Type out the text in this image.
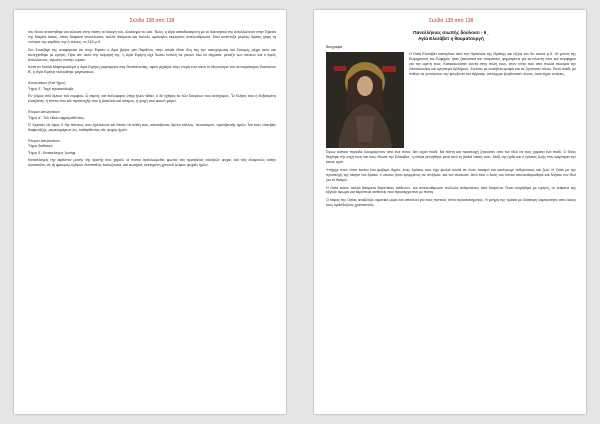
Σελίδα 138 από 138

του Θεού αναστήθηκε και είλκυσε στην πίστη το διαυγή του, ολόκληρο το λαό. Τέλος, η Αγία καταδικασμένη με το διανοητικό της Απολλώνειον στην Έφεσο της Μικράς Ασίας, όπου διάφανα επενέλυσεις πολλά θαύματα και πολλές ομολογίες εκκλησίες απελευθέρωσε. Εκεί αναπτύξε μεγάλη δράση χάρη τη νεότητα της καρδιάς της ή τέλους, το 315 μ.Χ.

Στο Συναξάρι της αναφέρεται ότι στην Έφεσο η Αγία βρήκε μια Παρθένο, στην οποία έδινε όλη της την κατοχύρωση και δύναμη, μέχρι ότου και συνεχίσθηκε με ειρήνη. Πριν απ' αυτό την κοίμησή της, η Αγία Ειρήνη είχε δώσει εντολή να γίνουν όλα τα τάγματα, μεταξύ των οποίων και ο Ιερός Απολλώνιος, πρώτος πιστής ωραίο.

Κατά τα δυτικά Μαρτυρολόγια η Αγία Ειρήνη μαρτύρησε στη Θεσσαλονίκη, αφού ρίχθηκε στην πυρά ενώ κατά το Μηνολόγιο του αυτοκράτορος Βασιλείου Β', η Αγία Ειρήνη τελειώθηκε μαρτυρικώς.

Απολυτίκιον (Κατ᾽ἦχον)

Ἦχος δ'. Ταχὺ προκατάλαβε.

Ἐν ζεῖμος σοῦ ἄμνου τοῦ νυμφίου, ὦ σεμνή, καὶ ἀνέλαμψας ὑπὲρ ἥλιον θεῖαν, ὁ δὲ ἐχθρὸς ἐκ τῶν δακρύων σου ἀνίσχυρος. Ὦ Κλῆσις σου ἡ δοξασμένη εὐσεβείας, ἡ πίστις σου καὶ προσευχῆς σου ἡ βασιλεία καὶ κόσμος, ἡ ψυχή σου αὐτοῦ χαίρει.

Έτερον Απολυτίκιον

Ἦχος α'. Τοῦ λίθου σφραγισθέντος.

Ὁ Χριστὸς εἰς ὑψος ὃ τῆς πίστεως σου ἐχάλκευσε καὶ ἔπεσε τὰ πάθη σου, κατασβέσας ὕμνου κάλλος, πλουτισμόν, πρεσβευτῆς ἡμῶν, ἵνα τοὺς εὐσεβεῖς διαφυλάξῃς, μεγαλομάρτυς ὡς, καθαρθέντας τὰς ψυχάς ἡμῶν.

Έτερον Απολυτίκιον

Ἦχος Βαθύτητι

Ἦχος δ'. Καταπλαγεὶς Ἰωσὴφ.

Καταπλαγεὶς τὴν ἀφθονον μονὴν τῆς ἀρετῆς σου χαροῦ, οἱ πιστοὶ ἀγαλλιώμεθα, φωνὰς τὰς πρεσβείας εὐσεβῶν ψυχαί, καὶ τοῖς εἰλικρινῶς αὐτὴν προσιοῦσι, σὲ τῇ φρουρίῳ ἐχθρῶν δυσπαθῶς ἐκσώζουσα, καὶ σωτήρια, κεκτημένη χρυσοῦ λύτρον ψυχαῖς ἡμῶν.

Σελίδα 138 από 138
Πανελλήνιος σιωπής δούλοισι - 6_
Αγία Ελισάβετ η θαυματουργή
Βιογραφία

Η Οσία Ελισάβετ καταγόταν από την Ηράκλεια της Θράκης και έζησε τον 5ο αιώνα μ.Χ. Οι γονείς της Ευφημιανός και Ευφημία, ήταν ξακουστοί και ονομαστοί, φημισμένοι για τα πλούτη τους και περίφημοι για την αρετή τους. Κατακαλούσαν κοντά στην πόλη τους, στον τόπο που από πολλά σκουριά την Θεσσαλονίκη και αργότερα Αβδήρων. Ζούσαν με ευσέβεια κρυφά και σε ζητούσαν τέκνα. Πολύ παιδί, με πάθος να γεννήσουν την φιλοξενία του Αβραάμ, απλόχερα βοηθούσαν όλους, όσοι είχαν ανάγκη.

Όμως κάποια περίοδο δοκιμάζονταν από ένα πόνο: δεν είχαν παιδί. Με πίστη και προσευχή ζητούσαν από τον Θεό να τους χαρίσει ένα παιδί. Ο Θεός δέχθηκε την ευχή τους και τους έδωσε την Ελισάβετ, η οποία γεννήθηκε μετά από τη βαθιά πίστη τους. Μαζί της ήρθε και ο τρόπος ζωής που αργότερα την έκανε αγία.

Υπήρχε στον τόπο εκείνο ένα φοβερό θηρίο, ένας δράκος που είχε φωλιά κοντά σε έναν ποταμό και κατέτρωγε ανθρώπους και ζώα. Η Οσία με την προσευχή της νίκησε τον δράκο, ο οποίος ήταν κρυμμένος σε σπήλαιο, και τον σκότωσε. Από τότε ο λαός του τόπου απελευθερώθηκε και δόξασε τον Θεό για το θαύμα.

Η Οσία έκανε πολλά θαύματα θεραπείας ασθενών, και απελευθέρωσε πολλούς ανθρώπους από δαιμόνια. Όταν κοιμήθηκε με ειρήνη, το λείψανό της έβγαζε άρωμα και θεράπευε ασθενείς που προσέρχονταν με πίστη.

Ο τάφος της Οσίας αναβλύζει ιαματικό μύρο και αποτελεί για τους πιστούς τόπο προσκυνήματος. Η μνήμη της τιμάται με ιδιαίτερη λαμπρότητα από όλους τους ορθόδοξους χριστιανούς.
